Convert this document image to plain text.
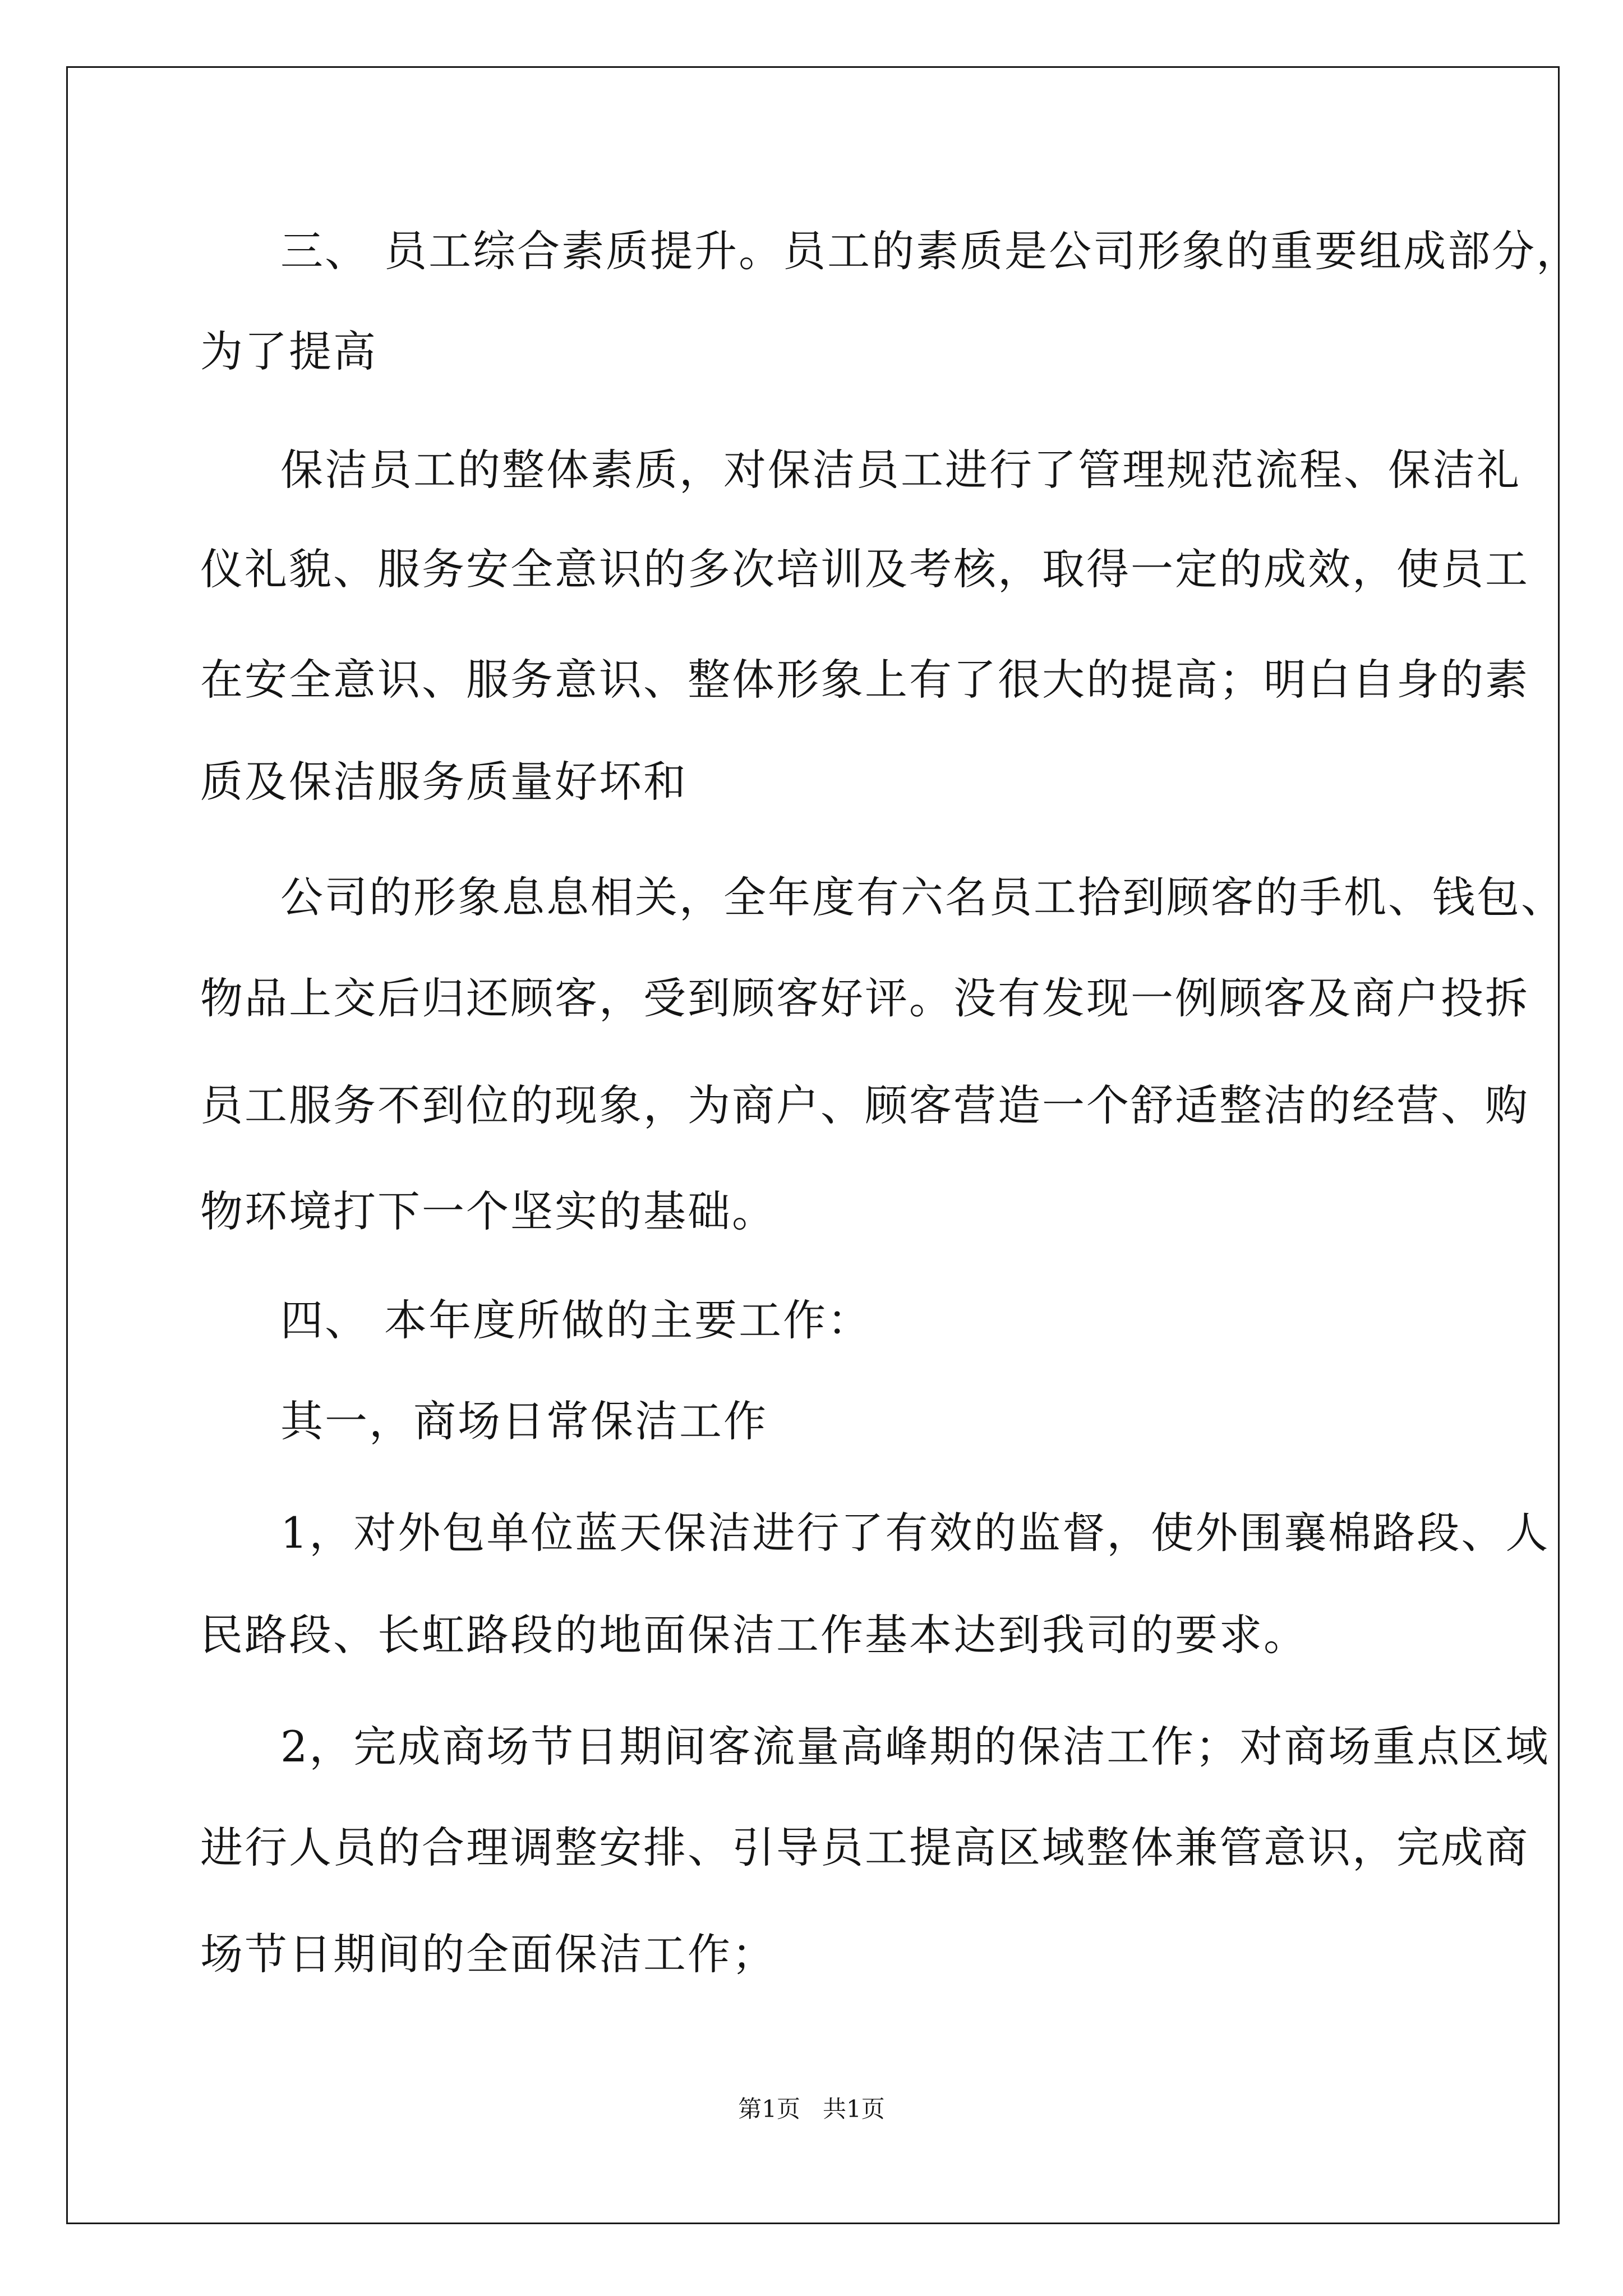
三、 员工综合素质提升。员工的素质是公司形象的重要组成部分，
为了提高
保洁员工的整体素质，对保洁员工进行了管理规范流程、保洁礼
仪礼貌、服务安全意识的多次培训及考核，取得一定的成效，使员工
在安全意识、服务意识、整体形象上有了很大的提高；明白自身的素
质及保洁服务质量好坏和
公司的形象息息相关，全年度有六名员工拾到顾客的手机、钱包、
物品上交后归还顾客，受到顾客好评。没有发现一例顾客及商户投拆
员工服务不到位的现象，为商户、顾客营造一个舒适整洁的经营、购
物环境打下一个坚实的基础。
四、 本年度所做的主要工作：
其一，商场日常保洁工作
1，对外包单位蓝天保洁进行了有效的监督，使外围襄棉路段、人
民路段、长虹路段的地面保洁工作基本达到我司的要求。
2，完成商场节日期间客流量高峰期的保洁工作；对商场重点区域
进行人员的合理调整安排、引导员工提高区域整体兼管意识，完成商
场节日期间的全面保洁工作；
第1页   共1页
